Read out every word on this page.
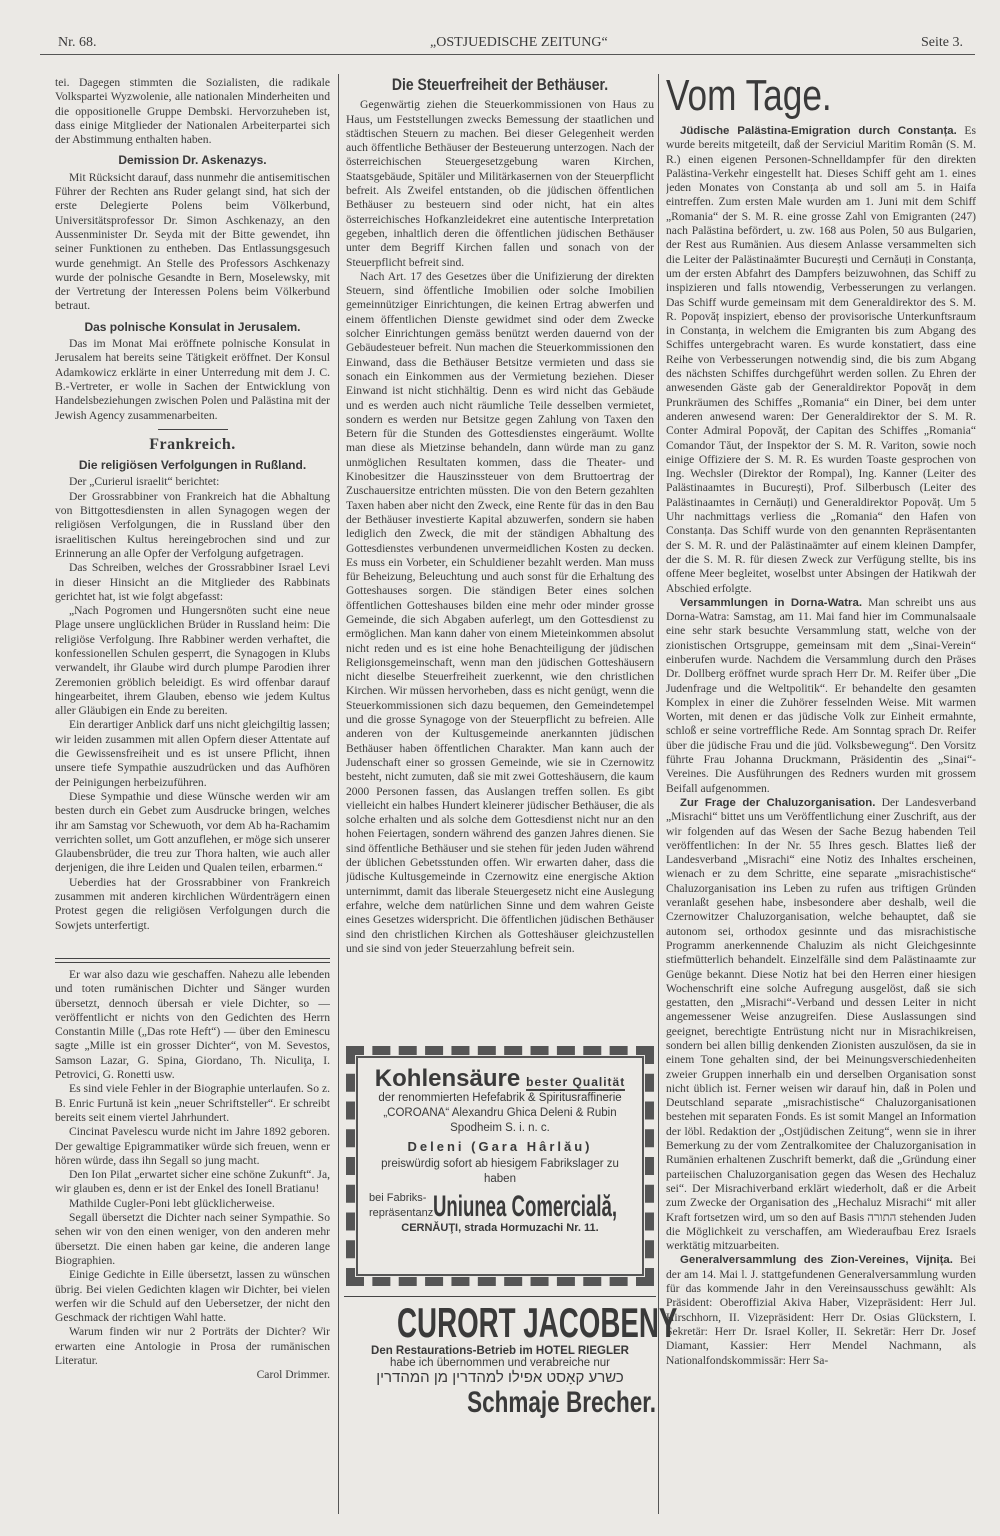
Nr. 68.	„OSTJUEDISCHE ZEITUNG“	Seite 3.

tei. Dagegen stimmten die Sozialisten, die radikale Volkspartei Wyzwolenie, alle nationalen Minderheiten und die oppositionelle Gruppe Dembski. Hervorzuheben ist, dass einige Mitglieder der Nationalen Arbeiterpartei sich der Abstimmung enthalten haben.

Demission Dr. Askenazys.

Mit Rücksicht darauf, dass nunmehr die antisemitischen Führer der Rechten ans Ruder gelangt sind, hat sich der erste Delegierte Polens beim Völkerbund, Universitätsprofessor Dr. Simon Aschkenazy, an den Aussenminister Dr. Seyda mit der Bitte gewendet, ihn seiner Funktionen zu entheben. Das Entlassungsgesuch wurde genehmigt. An Stelle des Professors Aschkenazy wurde der polnische Gesandte in Bern, Moselewsky, mit der Vertretung der Interessen Polens beim Völkerbund betraut.

Das polnische Konsulat in Jerusalem.

Das im Monat Mai eröffnete polnische Konsulat in Jerusalem hat bereits seine Tätigkeit eröffnet. Der Konsul Adamkowicz erklärte in einer Unterredung mit dem J. C. B.-Vertreter, er wolle in Sachen der Entwicklung von Handelsbeziehungen zwischen Polen und Palästina mit der Jewish Agency zusammenarbeiten.

Frankreich.
Die religiösen Verfolgungen in Rußland.

Der „Curierul israelit“ berichtet:

Der Grossrabbiner von Frankreich hat die Abhaltung von Bittgottesdiensten in allen Synagogen wegen der religiösen Verfolgungen, die in Russland über den israelitischen Kultus hereingebrochen sind und zur Erinnerung an alle Opfer der Verfolgung aufgetragen.

Das Schreiben, welches der Grossrabbiner Israel Levi in dieser Hinsicht an die Mitglieder des Rabbinats gerichtet hat, ist wie folgt abgefasst:

„Nach Pogromen und Hungersnöten sucht eine neue Plage unsere unglücklichen Brüder in Russland heim: Die religiöse Verfolgung. Ihre Rabbiner werden verhaftet, die konfessionellen Schulen gesperrt, die Synagogen in Klubs verwandelt, ihr Glaube wird durch plumpe Parodien ihrer Zeremonien gröblich beleidigt. Es wird offenbar darauf hingearbeitet, ihrem Glauben, ebenso wie jedem Kultus aller Gläubigen ein Ende zu bereiten.

Ein derartiger Anblick darf uns nicht gleichgiltig lassen; wir leiden zusammen mit allen Opfern dieser Attentate auf die Gewissensfreiheit und es ist unsere Pflicht, ihnen unsere tiefe Sympathie auszudrücken und das Aufhören der Peinigungen herbeizuführen.

Diese Sympathie und diese Wünsche werden wir am besten durch ein Gebet zum Ausdrucke bringen, welches ihr am Samstag vor Schewuoth, vor dem Ab ha-Rachamim verrichten sollet, um Gott anzuflehen, er möge sich unserer Glaubensbrüder, die treu zur Thora halten, wie auch aller derjenigen, die ihre Leiden und Qualen teilen, erbarmen.“

Ueberdies hat der Grossrabbiner von Frankreich zusammen mit anderen kirchlichen Würdenträgern einen Protest gegen die religiösen Verfolgungen durch die Sowjets unterfertigt.

Er war also dazu wie geschaffen. Nahezu alle lebenden und toten rumänischen Dichter und Sänger wurden übersetzt, dennoch übersah er viele Dichter, so — veröffentlicht er nichts von den Gedichten des Herrn Constantin Mille („Das rote Heft“) — über den Eminescu sagte „Mille ist ein grosser Dichter“, von M. Sevestos, Samson Lazar, G. Spina, Giordano, Th. Niculiţa, I. Petrovici, G. Ronetti usw.

Es sind viele Fehler in der Biographie unterlaufen. So z. B. Enric Furtună ist kein „neuer Schriftsteller“. Er schreibt bereits seit einem viertel Jahrhundert.

Cincinat Pavelescu wurde nicht im Jahre 1892 geboren. Der gewaltige Epigrammatiker würde sich freuen, wenn er hören würde, dass ihn Segall so jung macht.

Den Ion Pilat „erwartet sicher eine schöne Zukunft“. Ja, wir glauben es, denn er ist der Enkel des Ionell Bratianu!

Mathilde Cugler-Poni lebt glücklicherweise.

Segall übersetzt die Dichter nach seiner Sympathie. So sehen wir von den einen weniger, von den anderen mehr übersetzt. Die einen haben gar keine, die anderen lange Biographien.

Einige Gedichte in Eille übersetzt, lassen zu wünschen übrig. Bei vielen Gedichten klagen wir Dichter, bei vielen werfen wir die Schuld auf den Uebersetzer, der nicht den Geschmack der richtigen Wahl hatte.

Warum finden wir nur 2 Porträts der Dichter? Wir erwarten eine Antologie in Prosa der rumänischen Literatur.

Carol Drimmer.

Die Steuerfreiheit der Bethäuser.

Gegenwärtig ziehen die Steuerkommissionen von Haus zu Haus, um Feststellungen zwecks Bemessung der staatlichen und städtischen Steuern zu machen. Bei dieser Gelegenheit werden auch öffentliche Bethäuser der Besteuerung unterzogen. Nach der österreichischen Steuergesetzgebung waren Kirchen, Staatsgebäude, Spitäler und Militärkasernen von der Steuerpflicht befreit. Als Zweifel entstanden, ob die jüdischen öffentlichen Bethäuser zu besteuern sind oder nicht, hat ein altes österreichisches Hofkanzleidekret eine autentische Interpretation gegeben, inhaltlich deren die öffentlichen jüdischen Bethäuser unter dem Begriff Kirchen fallen und sonach von der Steuerpflicht befreit sind.

Nach Art. 17 des Gesetzes über die Unifizierung der direkten Steuern, sind öffentliche Imobilien oder solche Imobilien gemeinnütziger Einrichtungen, die keinen Ertrag abwerfen und einem öffentlichen Dienste gewidmet sind oder dem Zwecke solcher Einrichtungen gemäss benützt werden dauernd von der Gebäudesteuer befreit. Nun machen die Steuerkommissionen den Einwand, dass die Bethäuser Betsitze vermieten und dass sie sonach ein Einkommen aus der Vermietung beziehen. Dieser Einwand ist nicht stichhältig. Denn es wird nicht das Gebäude und es werden auch nicht räumliche Teile desselben vermietet, sondern es werden nur Betsitze gegen Zahlung von Taxen den Betern für die Stunden des Gottesdienstes eingeräumt. Wollte man diese als Mietzinse behandeln, dann würde man zu ganz unmöglichen Resultaten kommen, dass die Theater- und Kinobesitzer die Hauszinssteuer von dem Bruttoertrag der Zuschauersitze entrichten müssten. Die von den Betern gezahlten Taxen haben aber nicht den Zweck, eine Rente für das in den Bau der Bethäuser investierte Kapital abzuwerfen, sondern sie haben lediglich den Zweck, die mit der ständigen Abhaltung des Gottesdienstes verbundenen unvermeidlichen Kosten zu decken. Es muss ein Vorbeter, ein Schuldiener bezahlt werden. Man muss für Beheizung, Beleuchtung und auch sonst für die Erhaltung des Gotteshauses sorgen. Die ständigen Beter eines solchen öffentlichen Gotteshauses bilden eine mehr oder minder grosse Gemeinde, die sich Abgaben auferlegt, um den Gottesdienst zu ermöglichen. Man kann daher von einem Mieteinkommen absolut nicht reden und es ist eine hohe Benachteiligung der jüdischen Religionsgemeinschaft, wenn man den jüdischen Gotteshäusern nicht dieselbe Steuerfreiheit zuerkennt, wie den christlichen Kirchen. Wir müssen hervorheben, dass es nicht genügt, wenn die Steuerkommissionen sich dazu bequemen, den Gemeindetempel und die grosse Synagoge von der Steuerpflicht zu befreien. Alle anderen von der Kultusgemeinde anerkannten jüdischen Bethäuser haben öffentlichen Charakter. Man kann auch der Judenschaft einer so grossen Gemeinde, wie sie in Czernowitz besteht, nicht zumuten, daß sie mit zwei Gotteshäusern, die kaum 2000 Personen fassen, das Auslangen treffen sollen. Es gibt vielleicht ein halbes Hundert kleinerer jüdischer Bethäuser, die als solche erhalten und als solche dem Gottesdienst nicht nur an den hohen Feiertagen, sondern während des ganzen Jahres dienen. Sie sind öffentliche Bethäuser und sie stehen für jeden Juden während der üblichen Gebetsstunden offen. Wir erwarten daher, dass die jüdische Kultusgemeinde in Czernowitz eine energische Aktion unternimmt, damit das liberale Steuergesetz nicht eine Auslegung erfahre, welche dem natürlichen Sinne und dem wahren Geiste eines Gesetzes widerspricht. Die öffentlichen jüdischen Bethäuser sind den christlichen Kirchen als Gotteshäuser gleichzustellen und sie sind von jeder Steuerzahlung befreit sein.

Kohlensäure bester Qualität
der renommierten Hefefabrik & Spiritusraffinerie „COROANA“ Alexandru Ghica Deleni & Rubin Spodheim S. i. n. c.
Deleni (Gara Hârlău)
preiswürdig sofort ab hiesigem Fabrikslager zu haben
bei Fabriks-repräsentanz Uniunea Comercială,
CERNĂUŢI, strada Hormuzachi Nr. 11.
CURORT JACOBENY
Den Restaurations-Betrieb im HOTEL RIEGLER
habe ich übernommen und verabreiche nur
כשרע קאָסט אפילו למהדרין מן המהדרין
Schmaje Brecher.
Vom Tage.

Jüdische Palästina-Emigration durch Constanța. Es wurde bereits mitgeteilt, daß der Serviciul Maritim Român (S. M. R.) einen eigenen Personen-Schnelldampfer für den direkten Palästina-Verkehr eingestellt hat. Dieses Schiff geht am 1. eines jeden Monates von Constanța ab und soll am 5. in Haifa eintreffen. Zum ersten Male wurden am 1. Juni mit dem Schiff „Romania“ der S. M. R. eine grosse Zahl von Emigranten (247) nach Palästina befördert, u. zw. 168 aus Polen, 50 aus Bulgarien, der Rest aus Rumänien. Aus diesem Anlasse versammelten sich die Leiter der Palästinaämter București und Cernăuți in Constanța, um der ersten Abfahrt des Dampfers beizuwohnen, das Schiff zu inspizieren und falls ntowendig, Verbesserungen zu verlangen. Das Schiff wurde gemeinsam mit dem Generaldirektor des S. M. R. Popovăț inspiziert, ebenso der provisorische Unterkunftsraum in Constanța, in welchem die Emigranten bis zum Abgang des Schiffes untergebracht waren. Es wurde konstatiert, dass eine Reihe von Verbesserungen notwendig sind, die bis zum Abgang des nächsten Schiffes durchgeführt werden sollen. Zu Ehren der anwesenden Gäste gab der Generaldirektor Popovăț in dem Prunkräumen des Schiffes „Romania“ ein Diner, bei dem unter anderen anwesend waren: Der Generaldirektor der S. M. R. Conter Admiral Popovăț, der Capitan des Schiffes „Romania“ Comandor Tăut, der Inspektor der S. M. R. Variton, sowie noch einige Offiziere der S. M. R. Es wurden Toaste gesprochen von Ing. Wechsler (Direktor der Rompal), Ing. Kanner (Leiter des Palästinaamtes in București), Prof. Silberbusch (Leiter des Palästinaamtes in Cernăuți) und Generaldirektor Popovăț. Um 5 Uhr nachmittags verliess die „Romania“ den Hafen von Constanța. Das Schiff wurde von den genannten Repräsentanten der S. M. R. und der Palästinaämter auf einem kleinen Dampfer, der die S. M. R. für diesen Zweck zur Verfügung stellte, bis ins offene Meer begleitet, woselbst unter Absingen der Hatikwah der Abschied erfolgte.

Versammlungen in Dorna-Watra. Man schreibt uns aus Dorna-Watra: Samstag, am 11. Mai fand hier im Communalsaale eine sehr stark besuchte Versammlung statt, welche von der zionistischen Ortsgruppe, gemeinsam mit dem „Sinai-Verein“ einberufen wurde. Nachdem die Versammlung durch den Präses Dr. Dollberg eröffnet wurde sprach Herr Dr. M. Reifer über „Die Judenfrage und die Weltpolitik“. Er behandelte den gesamten Komplex in einer die Zuhörer fesselnden Weise. Mit warmen Worten, mit denen er das jüdische Volk zur Einheit ermahnte, schloß er seine vortreffliche Rede. Am Sonntag sprach Dr. Reifer über die jüdische Frau und die jüd. Volksbewegung“. Den Vorsitz führte Frau Johanna Druckmann, Präsidentin des „Sinai“-Vereines. Die Ausführungen des Redners wurden mit grossem Beifall aufgenommen.

Zur Frage der Chaluzorganisation. Der Landesverband „Misrachi“ bittet uns um Veröffentlichung einer Zuschrift, aus der wir folgenden auf das Wesen der Sache Bezug habenden Teil veröffentlichen: In der Nr. 55 Ihres gesch. Blattes ließ der Landesverband „Misrachi“ eine Notiz des Inhaltes erscheinen, wienach er zu dem Schritte, eine separate „misrachistische“ Chaluzorganisation ins Leben zu rufen aus triftigen Gründen veranlaßt gesehen habe, insbesondere aber deshalb, weil die Czernowitzer Chaluzorganisation, welche behauptet, daß sie autonom sei, orthodox gesinnte und das misrachistische Programm anerkennende Chaluzim als nicht Gleichgesinnte stiefmütterlich behandelt. Einzelfälle sind dem Palästinaamte zur Genüge bekannt. Diese Notiz hat bei den Herren einer hiesigen Wochenschrift eine solche Aufregung ausgelöst, daß sie sich gestatten, den „Misrachi“-Verband und dessen Leiter in nicht angemessener Weise anzugreifen. Diese Auslassungen sind geeignet, berechtigte Entrüstung nicht nur in Misrachikreisen, sondern bei allen billig denkenden Zionisten auszulösen, da sie in einem Tone gehalten sind, der bei Meinungsverschiedenheiten zweier Gruppen innerhalb ein und derselben Organisation sonst nicht üblich ist. Ferner weisen wir darauf hin, daß in Polen und Deutschland separate „misrachistische“ Chaluzorganisationen bestehen mit separaten Fonds. Es ist somit Mangel an Information der löbl. Redaktion der „Ostjüdischen Zeitung“, wenn sie in ihrer Bemerkung zu der vom Zentralkomitee der Chaluzorganisation in Rumänien erhaltenen Zuschrift bemerkt, daß die „Gründung einer parteiischen Chaluzorganisation gegen das Wesen des Hechaluz sei“. Der Misrachiverband erklärt wiederholt, daß er die Arbeit zum Zwecke der Organisation des „Hechaluz Misrachi“ mit aller Kraft fortsetzen wird, um so den auf Basis התורה stehenden Juden die Möglichkeit zu verschaffen, am Wiederaufbau Erez Israels werktätig mitzuarbeiten.

Generalversammlung des Zion-Vereines, Vijnița. Bei der am 14. Mai l. J. stattgefundenen Generalversammlung wurden für das kommende Jahr in den Vereinsausschuss gewählt: Als Präsident: Oberoffizial Akiva Haber, Vizepräsident: Herr Jul. Hirschhorn, II. Vizepräsident: Herr Dr. Osias Glückstern, I. Sekretär: Herr Dr. Israel Koller, II. Sekretär: Herr Dr. Josef Diamant, Kassier: Herr Mendel Nachmann, als Nationalfondskommissär: Herr Sa-
